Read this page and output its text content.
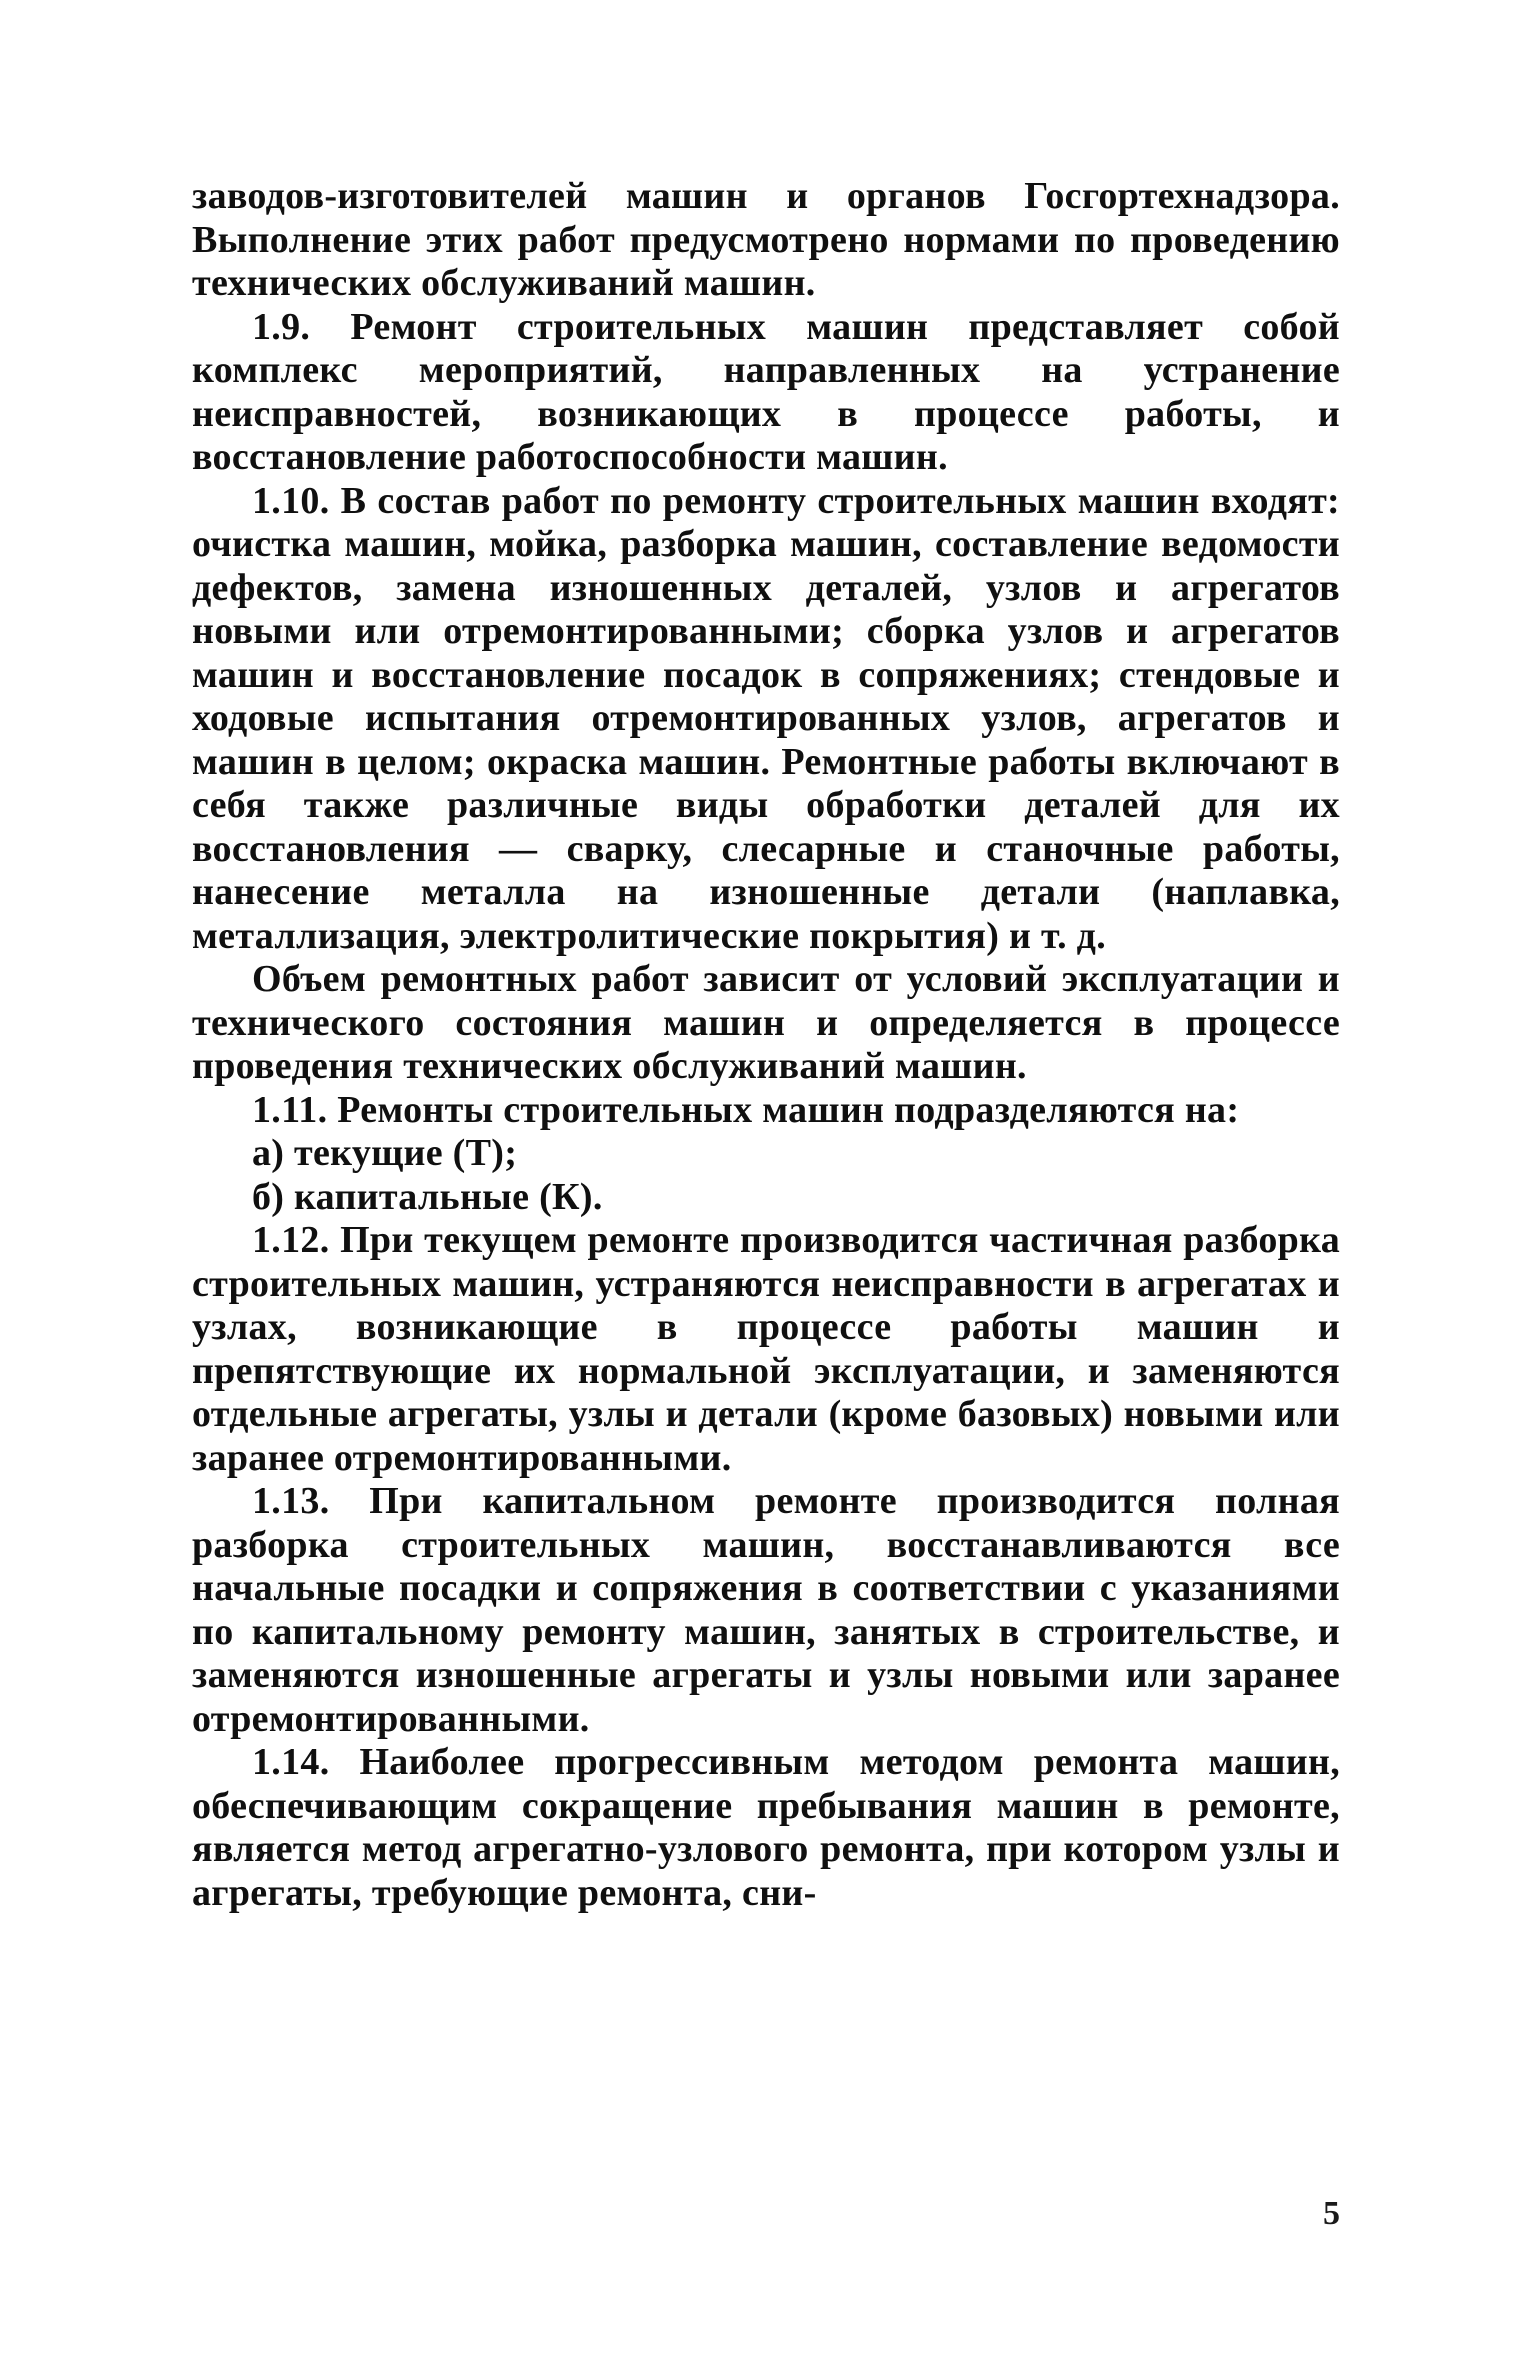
заводов-изготовителей машин и органов Госгортехнадзора. Выполнение этих работ предусмотрено нормами по проведению технических обслуживаний машин.

1.9. Ремонт строительных машин представляет собой комплекс мероприятий, направленных на устранение неисправностей, возникающих в процессе работы, и восстановление работоспособности машин.

1.10. В состав работ по ремонту строительных машин входят: очистка машин, мойка, разборка машин, составление ведомости дефектов, замена изношенных деталей, узлов и агрегатов новыми или отремонтированными; сборка узлов и агрегатов машин и восстановление посадок в сопряжениях; стендовые и ходовые испытания отремонтированных узлов, агрегатов и машин в целом; окраска машин. Ремонтные работы включают в себя также различные виды обработки деталей для их восстановления — сварку, слесарные и станочные работы, нанесение металла на изношенные детали (наплавка, металлизация, электролитические покрытия) и т. д.

Объем ремонтных работ зависит от условий эксплуатации и технического состояния машин и определяется в процессе проведения технических обслуживаний машин.

1.11. Ремонты строительных машин подразделяются на:

а) текущие (Т);

б) капитальные (К).

1.12. При текущем ремонте производится частичная разборка строительных машин, устраняются неисправности в агрегатах и узлах, возникающие в процессе работы машин и препятствующие их нормальной эксплуатации, и заменяются отдельные агрегаты, узлы и детали (кроме базовых) новыми или заранее отремонтированными.

1.13. При капитальном ремонте производится полная разборка строительных машин, восстанавливаются все начальные посадки и сопряжения в соответствии с указаниями по капитальному ремонту машин, занятых в строительстве, и заменяются изношенные агрегаты и узлы новыми или заранее отремонтированными.

1.14. Наиболее прогрессивным методом ремонта машин, обеспечивающим сокращение пребывания машин в ремонте, является метод агрегатно-узлового ремонта, при котором узлы и агрегаты, требующие ремонта, сни-

5
